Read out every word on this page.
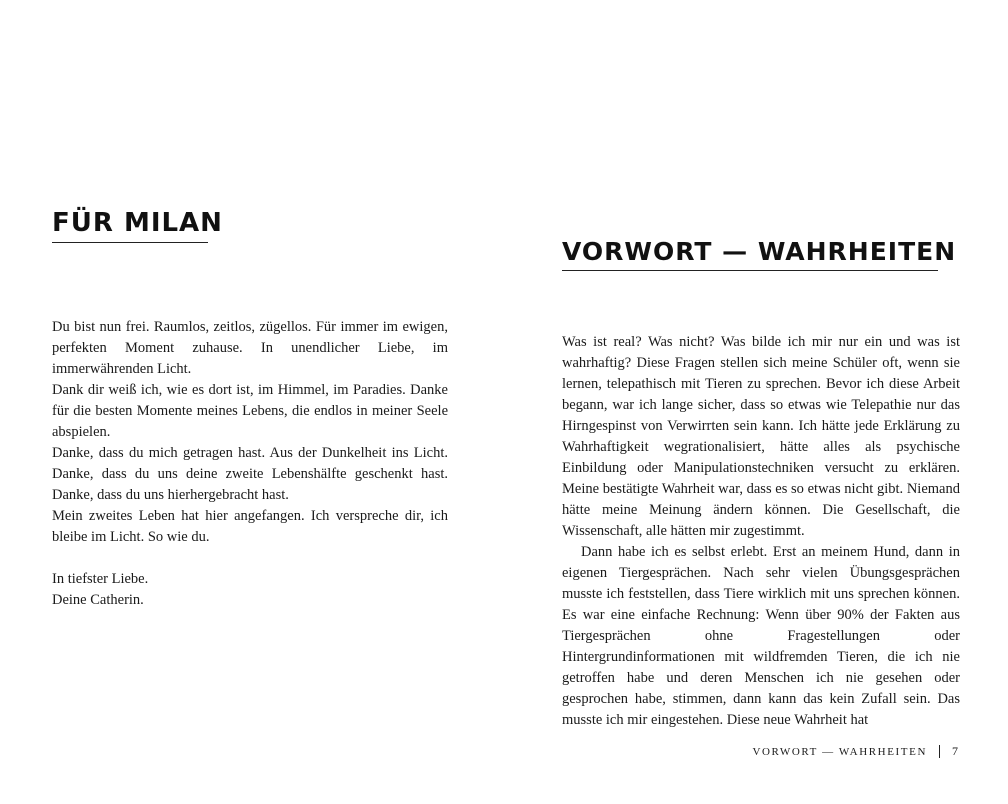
FÜR MILAN

Du bist nun frei. Raumlos, zeitlos, zügellos. Für immer im ewigen, perfekten Moment zuhause. In unendlicher Liebe, im immerwährenden Licht.

Dank dir weiß ich, wie es dort ist, im Himmel, im Paradies. Danke für die besten Momente meines Lebens, die endlos in meiner Seele abspielen.

Danke, dass du mich getragen hast. Aus der Dunkelheit ins Licht. Danke, dass du uns deine zweite Lebenshälfte geschenkt hast. Danke, dass du uns hierhergebracht hast.

Mein zweites Leben hat hier angefangen. Ich verspreche dir, ich bleibe im Licht. So wie du.

In tiefster Liebe.

Deine Catherin.

VORWORT — WAHRHEITEN

Was ist real? Was nicht? Was bilde ich mir nur ein und was ist wahrhaftig? Diese Fragen stellen sich meine Schüler oft, wenn sie lernen, telepathisch mit Tieren zu sprechen. Bevor ich diese Arbeit begann, war ich lange sicher, dass so etwas wie Telepathie nur das Hirngespinst von Verwirrten sein kann. Ich hätte jede Erklärung zu Wahrhaftigkeit wegrationalisiert, hätte alles als psychische Einbildung oder Manipulationstechniken versucht zu erklären. Meine bestätigte Wahrheit war, dass es so etwas nicht gibt. Niemand hätte meine Meinung ändern können. Die Gesellschaft, die Wissenschaft, alle hätten mir zugestimmt.

Dann habe ich es selbst erlebt. Erst an meinem Hund, dann in eigenen Tiergesprächen. Nach sehr vielen Übungsgesprächen musste ich feststellen, dass Tiere wirklich mit uns sprechen können. Es war eine einfache Rechnung: Wenn über 90% der Fakten aus Tiergesprächen ohne Fragestellungen oder Hintergrundinformationen mit wildfremden Tieren, die ich nie getroffen habe und deren Menschen ich nie gesehen oder gesprochen habe, stimmen, dann kann das kein Zufall sein. Das musste ich mir eingestehen. Diese neue Wahrheit hat

VORWORT — WAHRHEITEN 7
